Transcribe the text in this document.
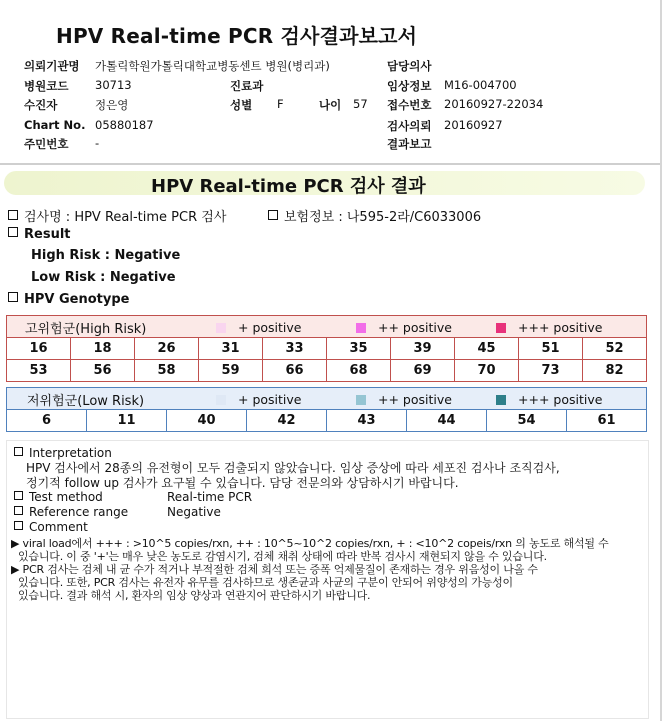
HPV Real-time PCR 검사결과보고서
의뢰기관명 가톨릭학원가톨릭대학교병동센트 병원(병리과)	담당의사
병원코드 30713	진료과	임상정보 M16-004700
수진자	정은영	성별 F	나이 57 접수번호 20160927-22034
Chart No. 05880187	검사의뢰 20160927
주민번호 -	결과보고
HPV Real-time PCR 검사 결과
검사명 : HPV Real-time PCR 검사	보험정보 : 나595-2라/C6033006
Result
High Risk : Negative
Low Risk : Negative
HPV Genotype
고위험군(High Risk)	+ positive	++ positive	+++ positive
16	18	26	31	33	35	39	45	51	52
53	56	58	59	66	68	69	70	73	82
저위험군(Low Risk)	+ positive	++ positive	+++ positive
6	11	40	42	43	44	54	61
Interpretation
HPV 검사에서 28종의 유전형이 모두 검출되지 않았습니다. 임상 증상에 따라 세포진 검사나 조직검사,
정기적 follow up 검사가 요구될 수 있습니다. 담당 전문의와 상담하시기 바랍니다.
Test method	Real-time PCR
Reference range	Negative
Comment
▶ viral load에서 +++ : >10^5 copies/rxn, ++ : 10^5~10^2 copies/rxn, + : <10^2 copeis/rxn 의 농도로 해석될 수
있습니다. 이 중 '+'는 매우 낮은 농도로 감염시기, 검체 채취 상태에 따라 반복 검사시 재현되지 않을 수 있습니다.
▶ PCR 검사는 검체 내 균 수가 적거나 부적절한 검체 희석 또는 증폭 억제물질이 존재하는 경우 위음성이 나올 수
있습니다. 또한, PCR 검사는 유전자 유무를 검사하므로 생존균과 사균의 구분이 안되어 위양성의 가능성이
있습니다. 결과 해석 시, 환자의 임상 양상과 연관지어 판단하시기 바랍니다.
